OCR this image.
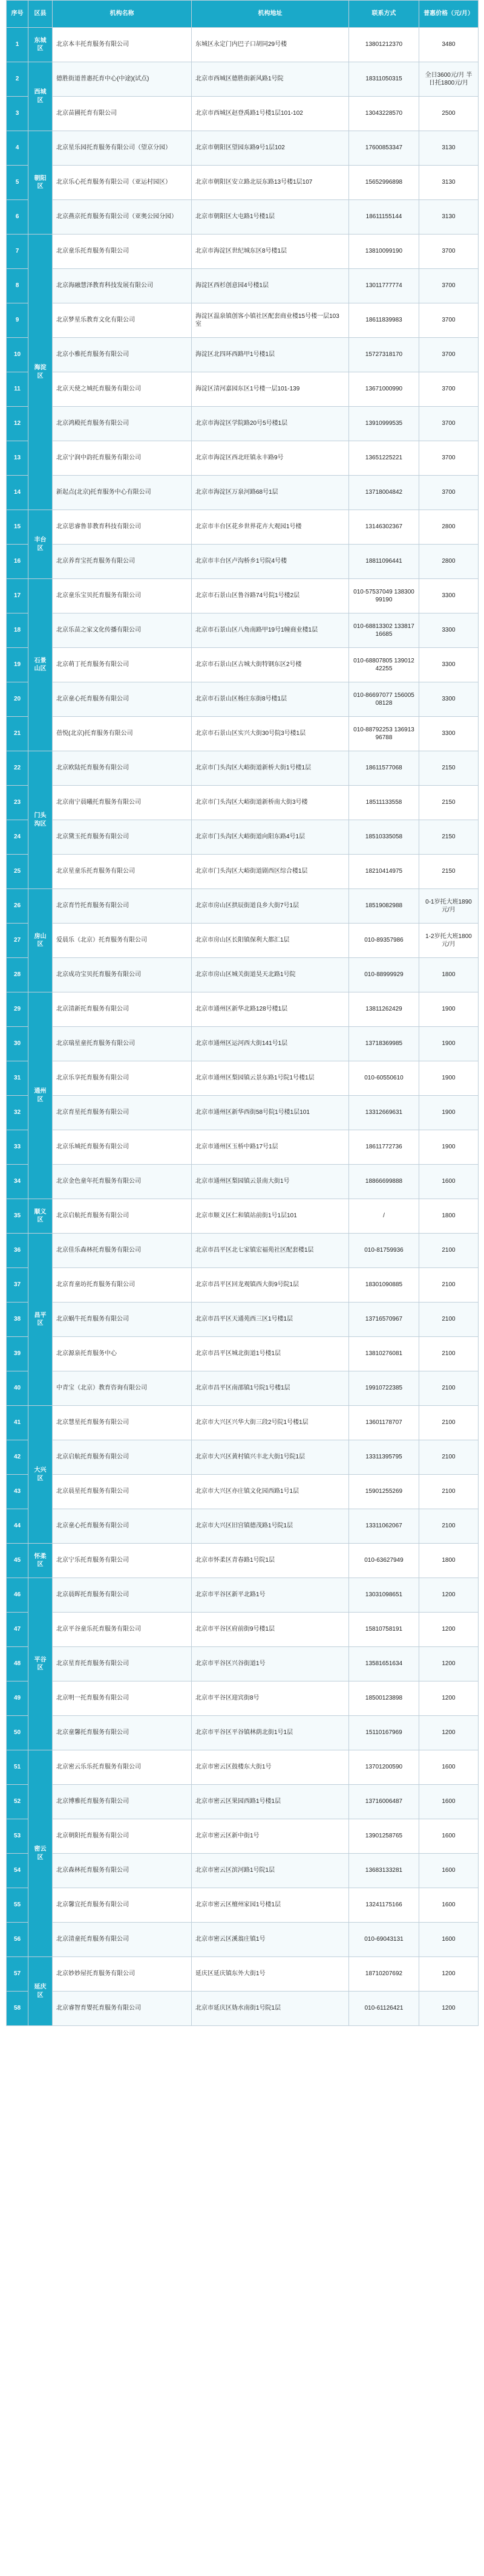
序号	区县	机构名称	机构地址	联系方式	普惠价格（元/月）
1	东城区	北京本丰托育服务有限公司	东城区永定门内巴子口胡同29号楼	13801212370	3480
2	西城区	德胜街道普惠托育中心(中途)(试点)	北京市西城区德胜街新风路1号院	18311050315	全日3600元/月 半日托1800元/月
3		北京苗圃托育有限公司	北京市西城区赵登禹路1号楼1层101-102	13043228570	2500
4	朝阳区	北京星乐园托育服务有限公司（望京分园）	北京市朝阳区望园东路9号1层102	17600853347	3130
5		北京乐心托育服务有限公司（亚运村园区）	北京市朝阳区安立路北辰东路13号楼1层107	15652996898	3130
6		北京燕京托育服务有限公司（亚奥公园分园）	北京市朝阳区大屯路1号楼1层	18611155144	3130
7	海淀区	北京童乐托育服务有限公司	北京市海淀区世纪城东区8号楼1层	13810099190	3700
8		北京海融慧泽教育科技发展有限公司	海淀区西杉创意园4号楼1层	13011777774	3700
9		北京梦星乐教育文化有限公司	海淀区温泉镇创客小镇社区配套商业楼15号楼一层103室	18611839983	3700
10		北京小雅托育服务有限公司	海淀区北四环西路甲1号楼1层	15727318170	3700
11		北京天使之城托育服务有限公司	海淀区清河嘉园东区1号楼一层101-139	13671000990	3700
12		北京鸿殿托育服务有限公司	北京市海淀区学院路20号5号楼1层	13910999535	3700
13		北京宁润中韵托育服务有限公司	北京市海淀区西北旺镇永丰路9号	13651225221	3700
14		新起点(北京)托育服务中心有限公司	北京市海淀区万泉河路68号1层	13718004842	3700
15	丰台区	北京思睿鲁菲教育科技有限公司	北京市丰台区花乡世界花卉大观园1号楼	13146302367	2800
16		北京养育宝托育服务有限公司	北京市丰台区卢沟桥乡1号院4号楼	18811096441	2800
17	石景山区	北京童乐宝贝托育服务有限公司	北京市石景山区鲁谷路74号院1号楼2层	010-57537049 13830099190	3300
18		北京乐苗之家文化传播有限公司	北京市石景山区八角南路甲19号1幢商业楼1层	010-68813302 13381716685	3300
19		北京萌丁托育服务有限公司	北京市石景山区古城大街特钢东区2号楼	010-68807805 13901242255	3300
20		北京童心托育服务有限公司	北京市石景山区杨庄东街8号楼1层	010-86697077 15600508128	3300
21		蓓悦(北京)托育服务有限公司	北京市石景山区实兴大街30号院3号楼1层	010-88792253 13691396788	3300
22	门头沟区	北京欧陆托育服务有限公司	北京市门头沟区大峪街道新桥大街1号楼1层	18611577068	2150
23		北京南宁晨曦托育服务有限公司	北京市门头沟区大峪街道新桥南大街3号楼	18511133558	2150
24		北京黛玉托育服务有限公司	北京市门头沟区大峪街道向阳东路4号1层	18510335058	2150
25		北京星童乐托育服务有限公司	北京市门头沟区大峪街道剧西区综合楼1层	18210414975	2150
26	房山区	北京育竹托育服务有限公司	北京市房山区拱辰街道良乡大街7号1层	18519082988	0-1岁托大班1890元/月
27		爱晨乐（北京）托育服务有限公司	北京市房山区长阳镇保利大都汇1层	010-89357986	1-2岁托大班1800元/月
28		北京成功宝贝托育服务有限公司	北京市房山区城关街道昊天北路1号院	010-88999929	1800
29	通州区	北京清新托育服务有限公司	北京市通州区新华北路128号楼1层	13811262429	1900
30		北京瑞星童托育服务有限公司	北京市通州区运河西大街141号1层	13718369985	1900
31		北京乐享托育服务有限公司	北京市通州区梨园镇云景东路1号院1号楼1层	010-60550610	1900
32		北京育星托育服务有限公司	北京市通州区新华西街58号院1号楼1层101	13312669631	1900
33		北京乐城托育服务有限公司	北京市通州区玉桥中路17号1层	18611772736	1900
34		北京金色童年托育服务有限公司	北京市通州区梨园镇云景南大街1号	18866699888	1600
35	顺义区	北京启航托育服务有限公司	北京市顺义区仁和镇站前街1号1层101	/	1800
36	昌平区	北京佳乐森林托育服务有限公司	北京市昌平区北七家镇宏福苑社区配套楼1层	010-81759936	2100
37		北京育童坊托育服务有限公司	北京市昌平区回龙观镇西大街9号院1层	18301090885	2100
38		北京蜗牛托育服务有限公司	北京市昌平区天通苑西三区1号楼1层	13716570967	2100
39		北京源泉托育服务中心	北京市昌平区城北街道1号楼1层	13810276081	2100
40		中青宝（北京）教育咨询有限公司	北京市昌平区南邵镇1号院1号楼1层	19910722385	2100
41	大兴区	北京慧星托育服务有限公司	北京市大兴区兴华大街三段2号院1号楼1层	13601178707	2100
42		北京启航托育服务有限公司	北京市大兴区黄村镇兴丰北大街1号院1层	13311395795	2100
43		北京晨星托育服务有限公司	北京市大兴区亦庄镇文化园西路1号1层	15901255269	2100
44		北京童心托育服务有限公司	北京市大兴区旧宫镇德茂路1号院1层	13311062067	2100
45	怀柔区	北京宁乐托育服务有限公司	北京市怀柔区青春路1号院1层	010-63627949	1800
46	平谷区	北京晨晖托育服务有限公司	北京市平谷区新平北路1号	13031098651	1200
47		北京平谷童乐托育服务有限公司	北京市平谷区府前街9号楼1层	15810758191	1200
48		北京星育托育服务有限公司	北京市平谷区兴谷街道1号	13581651634	1200
49		北京明一托育服务有限公司	北京市平谷区迎宾街8号	18500123898	1200
50		北京童馨托育服务有限公司	北京市平谷区平谷镇林荫北街1号1层	15110167969	1200
51	密云区	北京密云乐乐托育服务有限公司	北京市密云区鼓楼东大街1号	13701200590	1600
52		北京博雅托育服务有限公司	北京市密云区果园西路1号楼1层	13716006487	1600
53		北京朝阳托育服务有限公司	北京市密云区新中街1号	13901258765	1600
54		北京森林托育服务有限公司	北京市密云区滨河路1号院1层	13683133281	1600
55		北京馨宜托育服务有限公司	北京市密云区檀州家园1号楼1层	13241175166	1600
56		北京清童托育服务有限公司	北京市密云区溪翁庄镇1号	010-69043131	1600
57	延庆区	北京妙妙屋托育服务有限公司	延庆区延庆镇东外大街1号	18710207692	1200
58		北京睿智育婴托育服务有限公司	北京市延庆区妫水南街1号院1层	010-61126421	1200
